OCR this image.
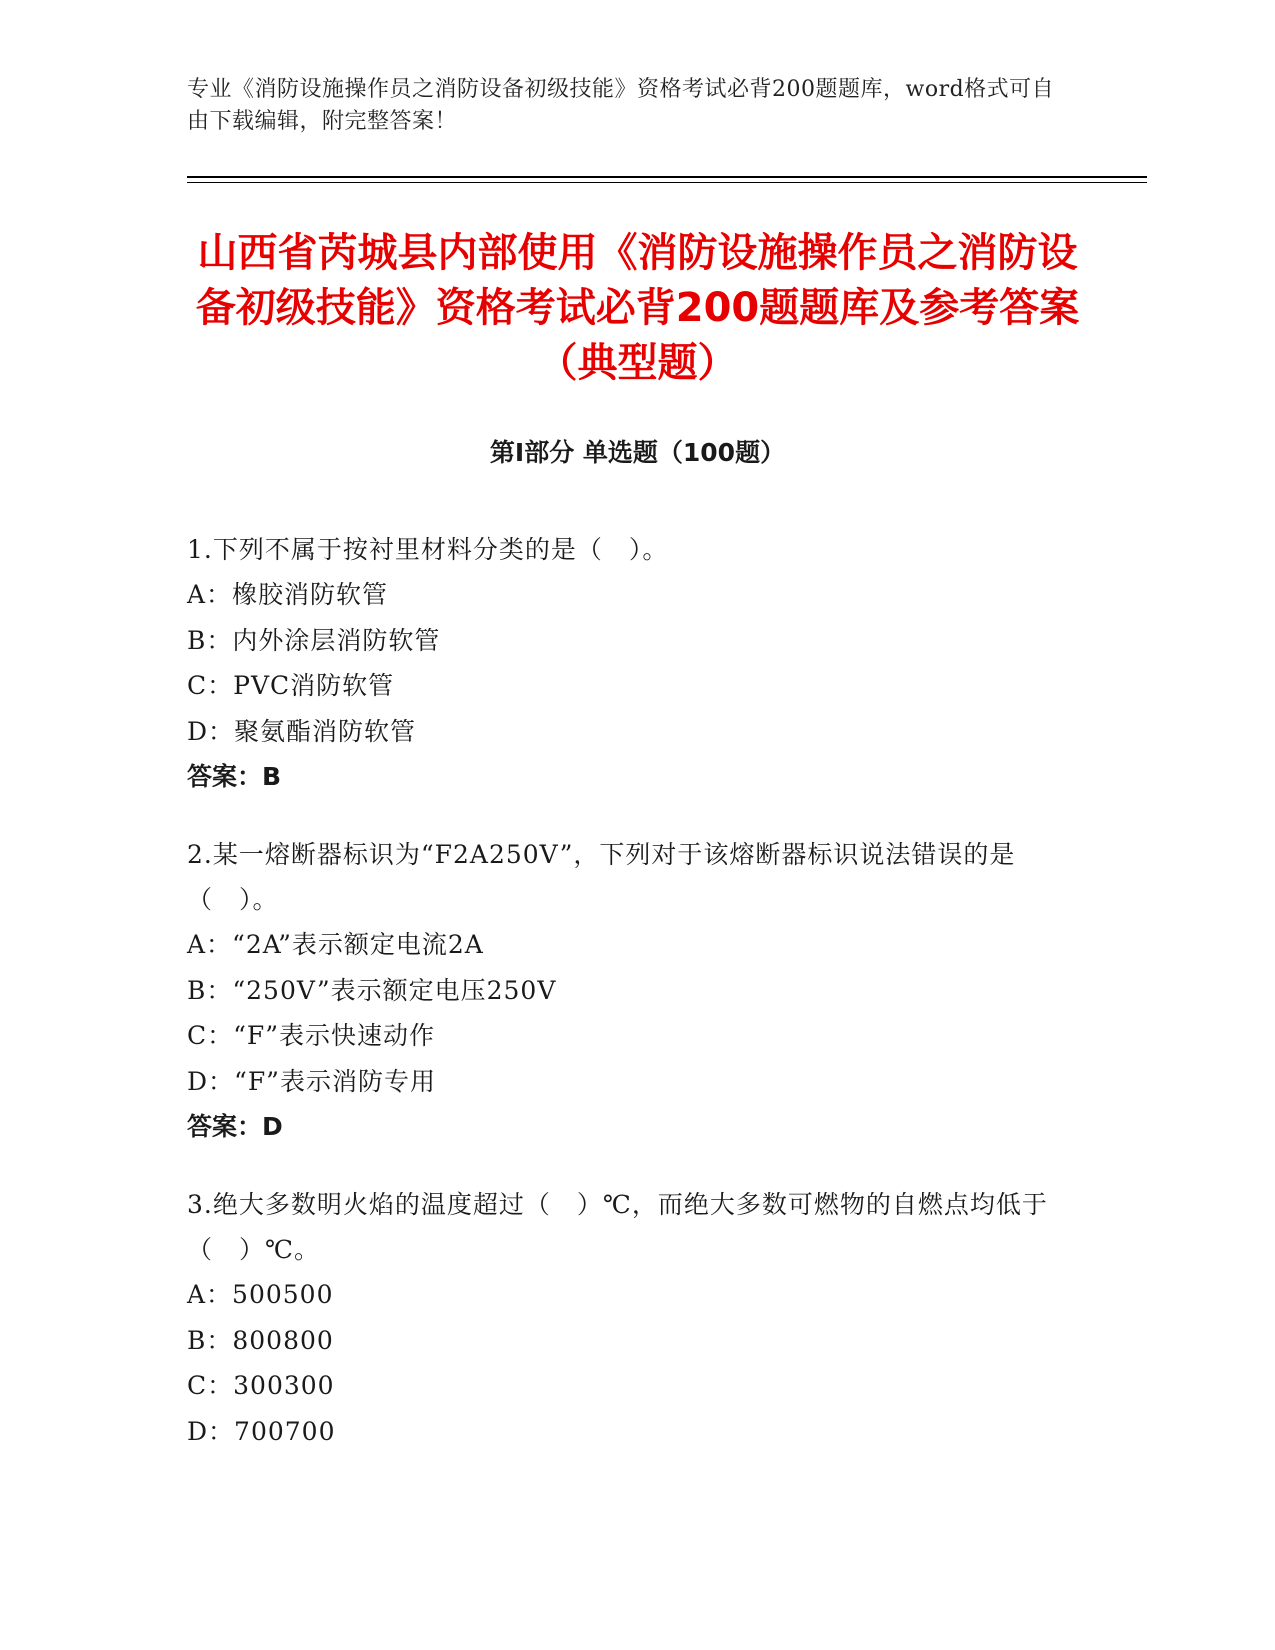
专业《消防设施操作员之消防设备初级技能》资格考试必背200题题库，word格式可自由下载编辑，附完整答案！
山西省芮城县内部使用《消防设施操作员之消防设备初级技能》资格考试必背200题题库及参考答案（典型题）
第Ⅰ部分 单选题（100题）
1.下列不属于按衬里材料分类的是（　）。
A：橡胶消防软管
B：内外涂层消防软管
C：PVC消防软管
D：聚氨酯消防软管
答案：B
2.某一熔断器标识为“F2A250V”，下列对于该熔断器标识说法错误的是（　）。
A：“2A”表示额定电流2A
B：“250V”表示额定电压250V
C：“F”表示快速动作
D：“F”表示消防专用
答案：D
3.绝大多数明火焰的温度超过（　）℃，而绝大多数可燃物的自燃点均低于（　）℃。
A：500500
B：800800
C：300300
D：700700
